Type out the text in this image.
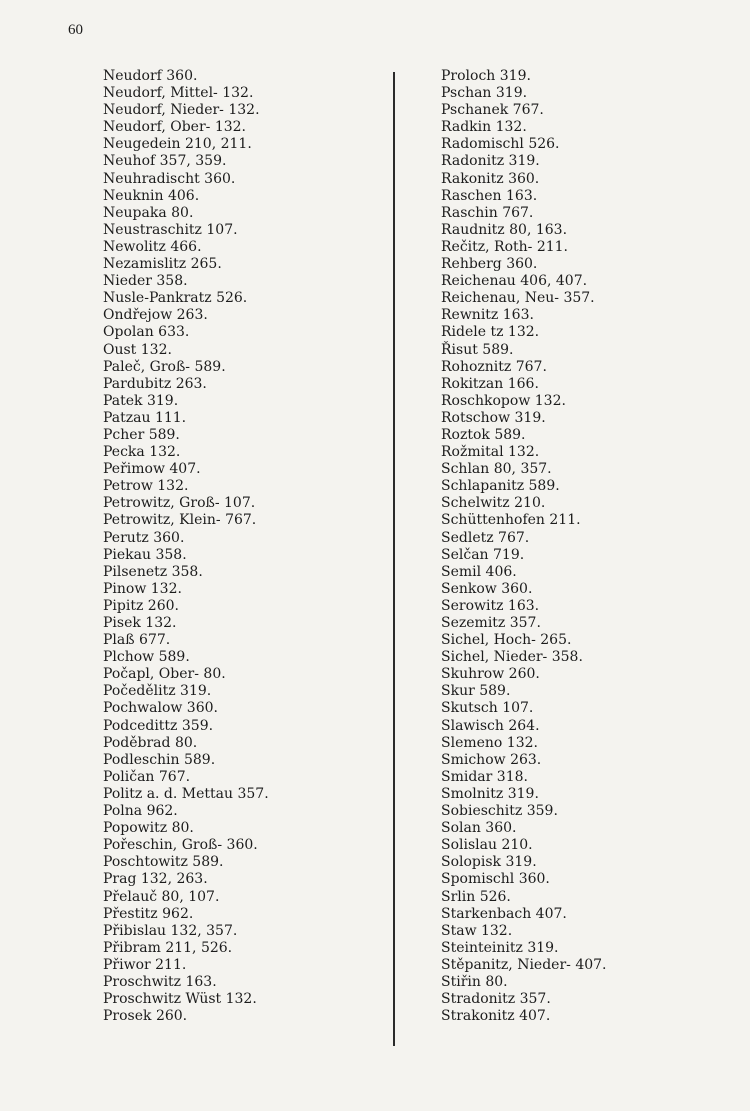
60
Neudorf 360.
Neudorf, Mittel- 132.
Neudorf, Nieder- 132.
Neudorf, Ober- 132.
Neugedein 210, 211.
Neuhof 357, 359.
Neuhradischt 360.
Neuknin 406.
Neupaka 80.
Neustraschitz 107.
Newolitz 466.
Nezamislitz 265.
Nieder 358.
Nusle-Pankratz 526.
Ondřejow 263.
Opolan 633.
Oust 132.
Paleč, Groß- 589.
Pardubitz 263.
Patek 319.
Patzau 111.
Pcher 589.
Pecka 132.
Peřimow 407.
Petrow 132.
Petrowitz, Groß- 107.
Petrowitz, Klein- 767.
Perutz 360.
Piekau 358.
Pilsenetz 358.
Pinow 132.
Pipitz 260.
Pisek 132.
Plaß 677.
Plchow 589.
Počapl, Ober- 80.
Počedělitz 319.
Pochwalow 360.
Podcedittz 359.
Poděbrad 80.
Podleschin 589.
Poličan 767.
Politz a. d. Mettau 357.
Polna 962.
Popowitz 80.
Pořeschin, Groß- 360.
Poschtowitz 589.
Prag 132, 263.
Přelauč 80, 107.
Přestitz 962.
Přibislau 132, 357.
Přibram 211, 526.
Přiwor 211.
Proschwitz 163.
Proschwitz Wüst 132.
Prosek 260.
Proloch 319.
Pschan 319.
Pschanek 767.
Radkin 132.
Radomischl 526.
Radonitz 319.
Rakonitz 360.
Raschen 163.
Raschin 767.
Raudnitz 80, 163.
Rečitz, Roth- 211.
Rehberg 360.
Reichenau 406, 407.
Reichenau, Neu- 357.
Rewnitz 163.
Ridele tz 132.
Řisut 589.
Rohoznitz 767.
Rokitzan 166.
Roschkopow 132.
Rotschow 319.
Roztok 589.
Rožmital 132.
Schlan 80, 357.
Schlapanitz 589.
Schelwitz 210.
Schüttenhofen 211.
Sedletz 767.
Selčan 719.
Semil 406.
Senkow 360.
Serowitz 163.
Sezemitz 357.
Sichel, Hoch- 265.
Sichel, Nieder- 358.
Skuhrow 260.
Skur 589.
Skutsch 107.
Slawisch 264.
Slemeno 132.
Smichow 263.
Smidar 318.
Smolnitz 319.
Sobieschitz 359.
Solan 360.
Solislau 210.
Solopisk 319.
Spomischl 360.
Srlin 526.
Starkenbach 407.
Staw 132.
Steinteinitz 319.
Stěpanitz, Nieder- 407.
Stiřin 80.
Stradonitz 357.
Strakonitz 407.
